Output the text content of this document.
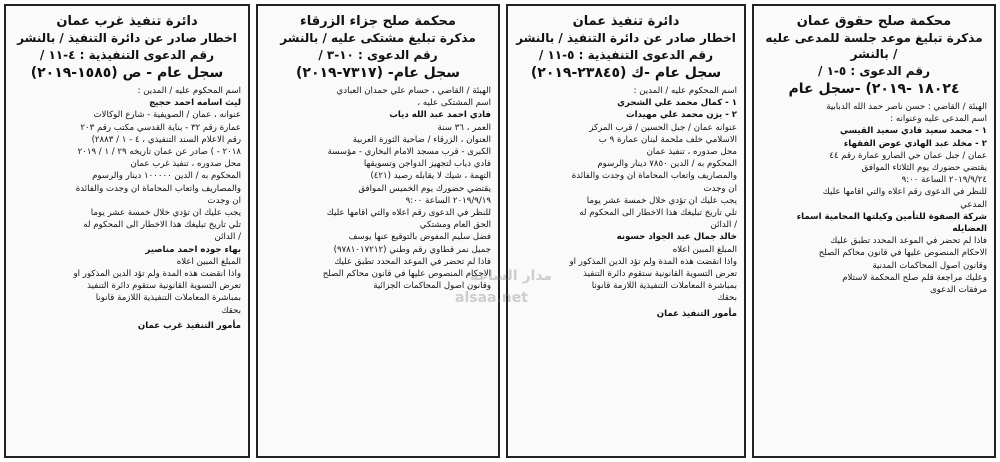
محكمة صلح حقوق عمان
مذكرة تبليغ موعد جلسة للمدعى عليه
/ بالنشر
رقم الدعوى : ٥-١ /
١٨٠٢٤ -٢٠١٩) -سجل عام

الهيئة / القاضي : حسن ناصر حمد الله الدبابية

اسم المدعى عليه وعنوانه :

١ - محمد سعيد فادي سعيد القيسي

٢ - مخلد عبد الهادي عوض الفقهاء

عمان / جبل عمان حي الصارو عمارة رقم ٤٤

يقتضي حضورك يوم الثلاثاء الموافق

٢٠١٩/٩/٢٤ الساعة ٩:٠٠

للنظر في الدعوى رقم اعلاه والتي اقامها عليك

المدعي

شركة الصفوة للتأمين وكيلتها المحامية اسماء

العضايله

فاذا لم تحضر في الموعد المحدد تطبق عليك

الاحكام المنصوص عليها في قانون محاكم الصلح

وقانون اصول المحاكمات المدنية

وعليك مراجعة قلم صلح المحكمة لاستلام

مرفقات الدعوى

دائرة تنفيذ عمان
اخطار صادر عن دائرة التنفيذ / بالنشر
رقم الدعوى التنفيذية : ٥-١١ /
(٢٣٨٤٥-٢٠١٩) سجل عام -ك

اسم المحكوم عليه / المدين :

١ - كمال محمد علي الشحري

٢ - يزن محمد علي مهيدات

عنوانه عمان / جبل الحسين / قرب المركز

الاسلامي خلف ملحمة لبنان عمارة ٩ ب

محل صدوره ، تنفيذ عمان

المحكوم به / الدين ٧٨٥٠ دينار والرسوم

والمصاريف واتعاب المحاماة ان وجدت والفائدة

ان وجدت

يجب عليك ان تؤدي خلال خمسة عشر يوما

تلي تاريخ تبليغك هذا الاخطار الى المحكوم له

/ الدائن

خالد جمال عبد الجواد حسونه

المبلغ المبين اعلاه

واذا انقضت هذه المدة ولم تؤد الدين المذكور او

تعرض التسوية القانونية ستقوم دائرة التنفيذ

بمباشرة المعاملات التنفيذية اللازمة قانونا

بحقك

مأمور التنفيذ عمان
محكمة صلح جزاء الزرقاء
مذكرة تبليغ مشتكى عليه / بالنشر
رقم الدعوى : ١٠-٣ /
(٧٣١٧-٢٠١٩) -سجل عام

الهيئة / القاضي ، حسام علي حمدان العبادي

اسم المشتكى عليه ،

فادي احمد عبد الله دياب

العمر ، ٣٦ سنة

العنوان ، الزرقاء / ضاحية الثورة العربية

الكبرى - قرب مسجد الامام البخاري - مؤسسة

فادي دياب لتجهيز الدواجن وتسويقها

التهمة ، شيك لا يقابله رصيد (٤٢١)

يقتضي حضورك يوم الخميس الموافق

٢٠١٩/٩/١٩ الساعة ٩:٠٠

للنظر في الدعوى رقم اعلاه والتي اقامها عليك

الحق العام ومشتكي

فضل سليم المفوض بالتوقيع عنها يوسف

جميل نمر قطاوي رقم وطني (٩٧٨١٠١٧٢١٢)

فاذا لم تحضر في الموعد المحدد تطبق عليك

الاحكام المنصوص عليها في قانون محاكم الصلح

وقانون اصول المحاكمات الجزائية

دائرة تنفيذ غرب عمان
اخطار صادر عن دائرة التنفيذ / بالنشر
رقم الدعوى التنفيذية : ٤-١١ /
(١٥٨٥-٢٠١٩) سجل عام - ص

اسم المحكوم عليه / المدين :

ليث اسامه احمد حجيج

عنوانه ، عمان / الصويفية - شارع الوكالات

عمارة رقم ٣٢ - بناية القدسي مكتب رقم ٢٠٣

رقم الاعلام السند التنفيذي ، ٤ - ١ / ٢٨٨٣)

٢٠١٨ - ) صادر عن عمان تاريخه ٢٩ / ١ / ٢٠١٩

محل صدوره ، تنفيذ غرب عمان

المحكوم به / الدين ١٠٠٠٠٠ دينار والرسوم

والمصاريف واتعاب المحاماة ان وجدت والفائدة

ان وجدت

يجب عليك ان تؤدي خلال خمسة عشر يوما

تلي تاريخ تبليغك هذا الاخطار الى المحكوم له

/ الدائن

بهاء جوده احمد مناصير

المبلغ المبين اعلاه

واذا انقضت هذه المدة ولم تؤد الدين المذكور او

تعرض التسوية القانونية ستقوم دائرة التنفيذ

بمباشرة المعاملات التنفيذية اللازمة قانونا

بحقك

مأمور التنفيذ غرب عمان
alsaa.net
مدار الساعة
